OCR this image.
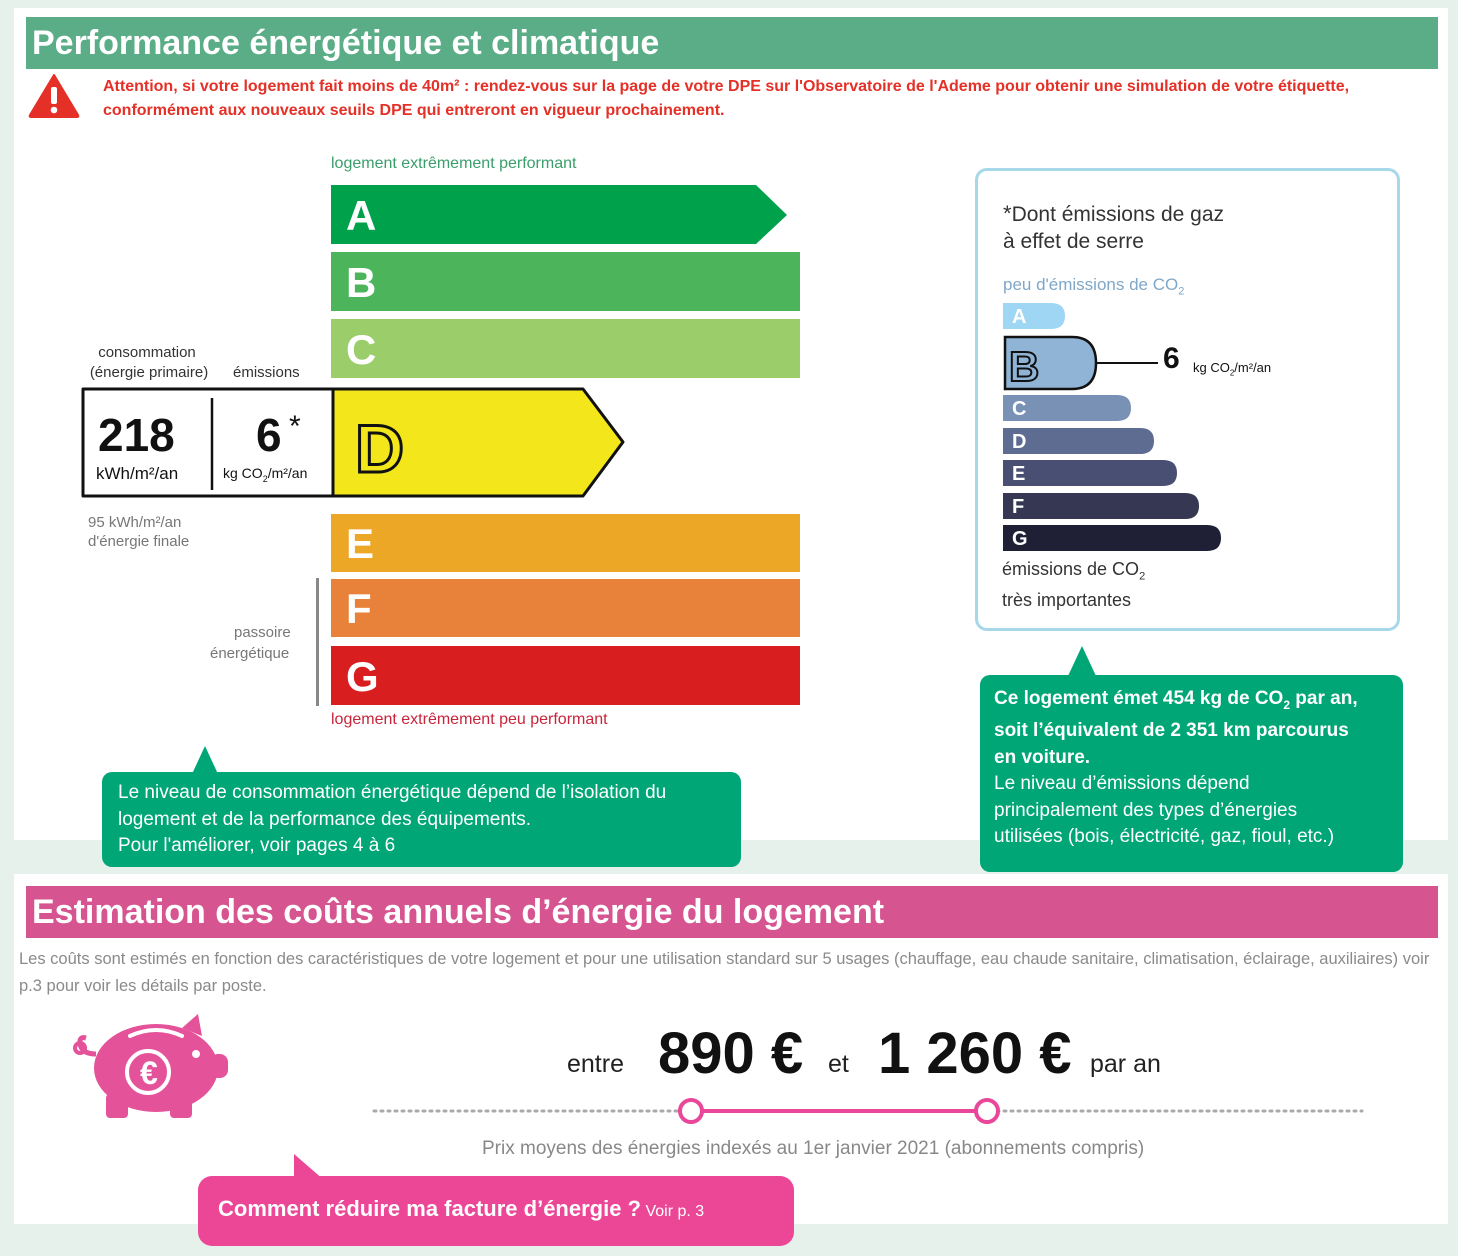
Performance énergétique et climatique
Attention, si votre logement fait moins de 40m² : rendez-vous sur la page de votre DPE sur l'Observatoire de l'Ademe pour obtenir une simulation de votre étiquette, conformément aux nouveaux seuils DPE qui entreront en vigueur prochainement.
logement extrêmement performant
D
A
B
C
E
F
G
logement extrêmement peu performant
consommation
(énergie primaire)	émissions
218
kWh/m²/an
6 *
kg $CO_2/m^2/an$
95 kWh/m²/an
d'énergie finale
passoire
énergétique
Le niveau de consommation énergétique dépend de l’isolation du
logement et de la performance des équipements.
Pour l'améliorer, voir pages 4 à 6
*Dont émissions de gaz
à effet de serre
peu d'émissions de $CO_2$
B	6 kg $CO_2/m^2/an$
A
C
D
E
F
G
émissions de $CO_2$
très importantes
Ce logement émet 454 kg de $CO_2$ par an,
soit l’équivalent de 2 351 km parcourus
en voiture.
Le niveau d’émissions dépend
principalement des types d’énergies
utilisées (bois, électricité, gaz, fioul, etc.)
Estimation des coûts annuels d’énergie du logement
Les coûts sont estimés en fonction des caractéristiques de votre logement et pour une utilisation standard sur 5 usages (chauffage, eau chaude sanitaire, climatisation, éclairage, auxiliaires) voir p.3 pour voir les détails par poste.
€	entre 890 € et 1 260 € par an
Prix moyens des énergies indexés au 1er janvier 2021 (abonnements compris)
Comment réduire ma facture d’énergie ? Voir p. 3
